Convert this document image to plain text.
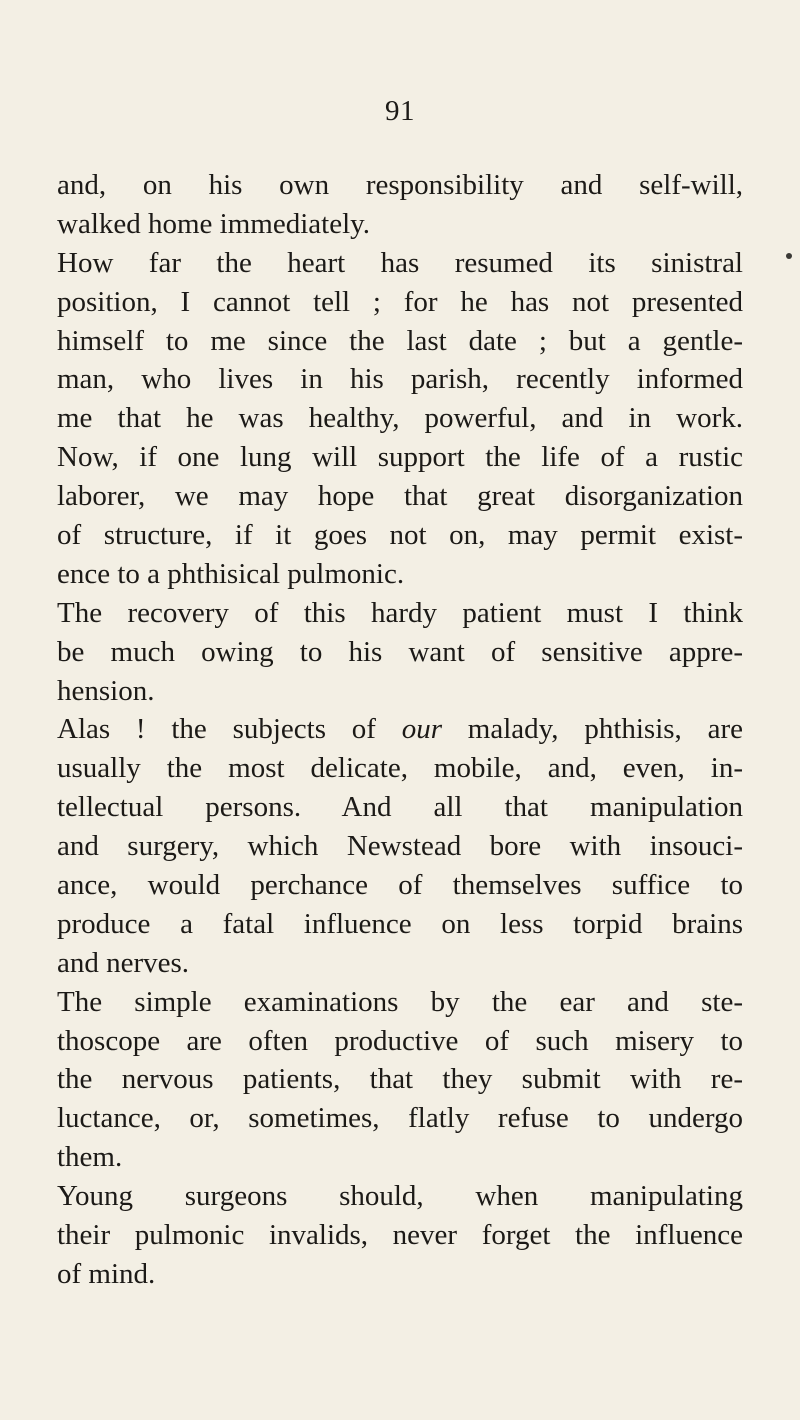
91
and, on his own responsibility and self-will,
walked home immediately.
How far the heart has resumed its sinistral
position, I cannot tell ; for he has not presented
himself to me since the last date ; but a gentle-
man, who lives in his parish, recently informed
me that he was healthy, powerful, and in work.
Now, if one lung will support the life of a rustic
laborer, we may hope that great disorganization
of structure, if it goes not on, may permit exist-
ence to a phthisical pulmonic.
The recovery of this hardy patient must I think
be much owing to his want of sensitive appre-
hension.
Alas ! the subjects of our malady, phthisis, are
usually the most delicate, mobile, and, even, in-
tellectual persons. And all that manipulation
and surgery, which Newstead bore with insouci-
ance, would perchance of themselves suffice to
produce a fatal influence on less torpid brains
and nerves.
The simple examinations by the ear and ste-
thoscope are often productive of such misery to
the nervous patients, that they submit with re-
luctance, or, sometimes, flatly refuse to undergo
them.
Young surgeons should, when manipulating
their pulmonic invalids, never forget the influence
of mind.
